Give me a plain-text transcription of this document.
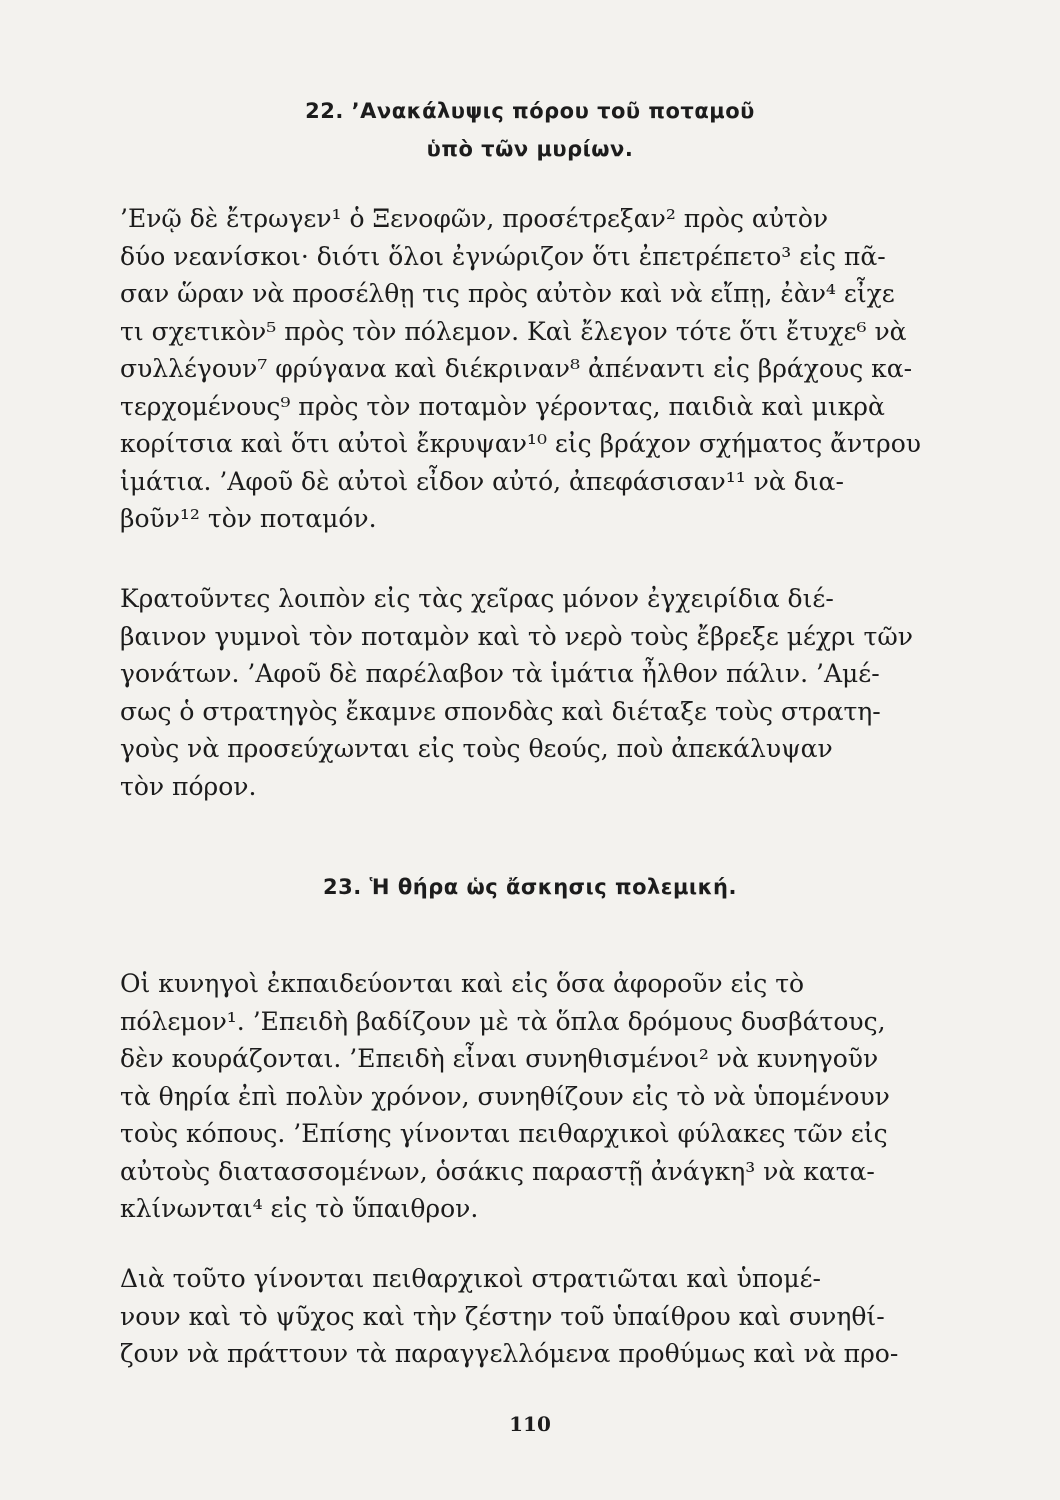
22. ’Ανακάλυψις πόρου τοῦ ποταμοῦ
ὑπὸ τῶν μυρίων.
’Ενῷ δὲ ἔτρωγεν¹ ὁ Ξενοφῶν, προσέτρεξαν² πρὸς αὐτὸν
δύο νεανίσκοι· διότι ὅλοι ἐγνώριζον ὅτι ἐπετρέπετο³ εἰς πᾶ-
σαν ὥραν νὰ προσέλθῃ τις πρὸς αὐτὸν καὶ νὰ εἴπῃ, ἐὰν⁴ εἶχε
τι σχετικὸν⁵ πρὸς τὸν πόλεμον. Καὶ ἔλεγον τότε ὅτι ἔτυχε⁶ νὰ
συλλέγουν⁷ φρύγανα καὶ διέκριναν⁸ ἀπέναντι εἰς βράχους κα-
τερχομένους⁹ πρὸς τὸν ποταμὸν γέροντας, παιδιὰ καὶ μικρὰ
κορίτσια καὶ ὅτι αὐτοὶ ἔκρυψαν¹⁰ εἰς βράχον σχήματος ἄντρου
ἱμάτια. ’Αφοῦ δὲ αὐτοὶ εἶδον αὐτό, ἀπεφάσισαν¹¹ νὰ δια-
βοῦν¹² τὸν ποταμόν.
Κρατοῦντες λοιπὸν εἰς τὰς χεῖρας μόνον ἐγχειρίδια διέ-
βαινον γυμνοὶ τὸν ποταμὸν καὶ τὸ νερὸ τοὺς ἔβρεξε μέχρι τῶν
γονάτων. ’Αφοῦ δὲ παρέλαβον τὰ ἱμάτια ἦλθον πάλιν. ’Αμέ-
σως ὁ στρατηγὸς ἔκαμνε σπονδὰς καὶ διέταξε τοὺς στρατη-
γοὺς νὰ προσεύχωνται εἰς τοὺς θεούς, ποὺ ἀπεκάλυψαν
τὸν πόρον.
23. Ἡ θήρα ὡς ἄσκησις πολεμική.
Οἱ κυνηγοὶ ἐκπαιδεύονται καὶ εἰς ὅσα ἀφοροῦν εἰς τὸ
πόλεμον¹. ’Επειδὴ βαδίζουν μὲ τὰ ὅπλα δρόμους δυσβάτους,
δὲν κουράζονται. ’Επειδὴ εἶναι συνηθισμένοι² νὰ κυνηγοῦν
τὰ θηρία ἐπὶ πολὺν χρόνον, συνηθίζουν εἰς τὸ νὰ ὑπομένουν
τοὺς κόπους. ’Επίσης γίνονται πειθαρχικοὶ φύλακες τῶν εἰς
αὐτοὺς διατασσομένων, ὁσάκις παραστῇ ἀνάγκη³ νὰ κατα-
κλίνωνται⁴ εἰς τὸ ὕπαιθρον.
Διὰ τοῦτο γίνονται πειθαρχικοὶ στρατιῶται καὶ ὑπομέ-
νουν καὶ τὸ ψῦχος καὶ τὴν ζέστην τοῦ ὑπαίθρου καὶ συνηθί-
ζουν νὰ πράττουν τὰ παραγγελλόμενα προθύμως καὶ νὰ προ-
110
